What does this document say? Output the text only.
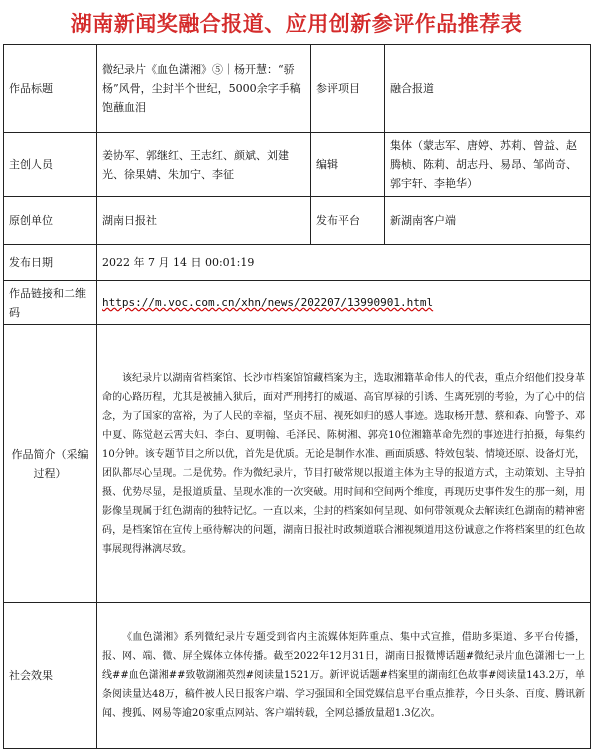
湖南新闻奖融合报道、应用创新参评作品推荐表
作品标题	微纪录片《血色潇湘》⑤｜杨开慧：“骄杨”风骨，尘封半个世纪，5000余字手稿饱蘸血泪	参评项目	融合报道
主创人员	姜协军、郭继红、王志红、颜斌、刘建光、徐果婧、朱加宁、李征	编辑	集体（蒙志军、唐婷、苏莉、曾益、赵腾桢、陈莉、胡志丹、易昂、邹尚奇、郭宇轩、李艳华）
原创单位	湖南日报社	发布平台	新湖南客户端
发布日期	2022 年 7 月 14 日 00:01:19		
作品链接和二维码	https://m.voc.com.cn/xhn/news/202207/13990901.html		
作品简介（采编过程）	该纪录片以湖南省档案馆、长沙市档案馆馆藏档案为主，选取湘籍革命伟人的代表，重点介绍他们投身革命的心路历程，尤其是被捕入狱后，面对严刑拷打的威逼、高官厚禄的引诱、生离死别的考验，为了心中的信念，为了国家的富裕，为了人民的幸福，坚贞不屈、视死如归的感人事迹。选取杨开慧、蔡和森、向警予、邓中夏、陈觉赵云霄夫妇、李白、夏明翰、毛泽民、陈树湘、郭亮10位湘籍革命先烈的事迹进行拍摄，每集约10分钟。该专题节目之所以优，首先是优质。无论是制作水准、画面质感、特效包装、情境还原、设备灯光，团队都尽心呈现。二是优势。作为微纪录片，节目打破常规以报道主体为主导的报道方式，主动策划、主导拍摄、优势尽显，是报道质量、呈现水准的一次突破。用时间和空间两个维度，再现历史事件发生的那一刻，用影像呈现属于红色湖南的独特记忆。一直以来，尘封的档案如何呈现、如何带领观众去解读红色湖南的精神密码，是档案馆在宣传上亟待解决的问题，湖南日报社时政频道联合湘视频道用这份诚意之作将档案里的红色故事展现得淋漓尽致。		

社会效果	《血色潇湘》系列微纪录片专题受到省内主流媒体矩阵重点、集中式宣推，借助多渠道、多平台传播，报、网、端、微、屏全媒体立体传播。截至2022年12月31日，湖南日报微博话题#微纪录片血色潇湘七一上线##血色潇湘##致敬湖湘英烈#阅读量1521万。新评说话题#档案里的湖南红色故事#阅读量143.2万，单条阅读量达48万，稿件被人民日报客户端、学习强国和全国党媒信息平台重点推荐，今日头条、百度、腾讯新闻、搜狐、网易等逾20家重点网站、客户端转载，全网总播放量超1.3亿次。		
